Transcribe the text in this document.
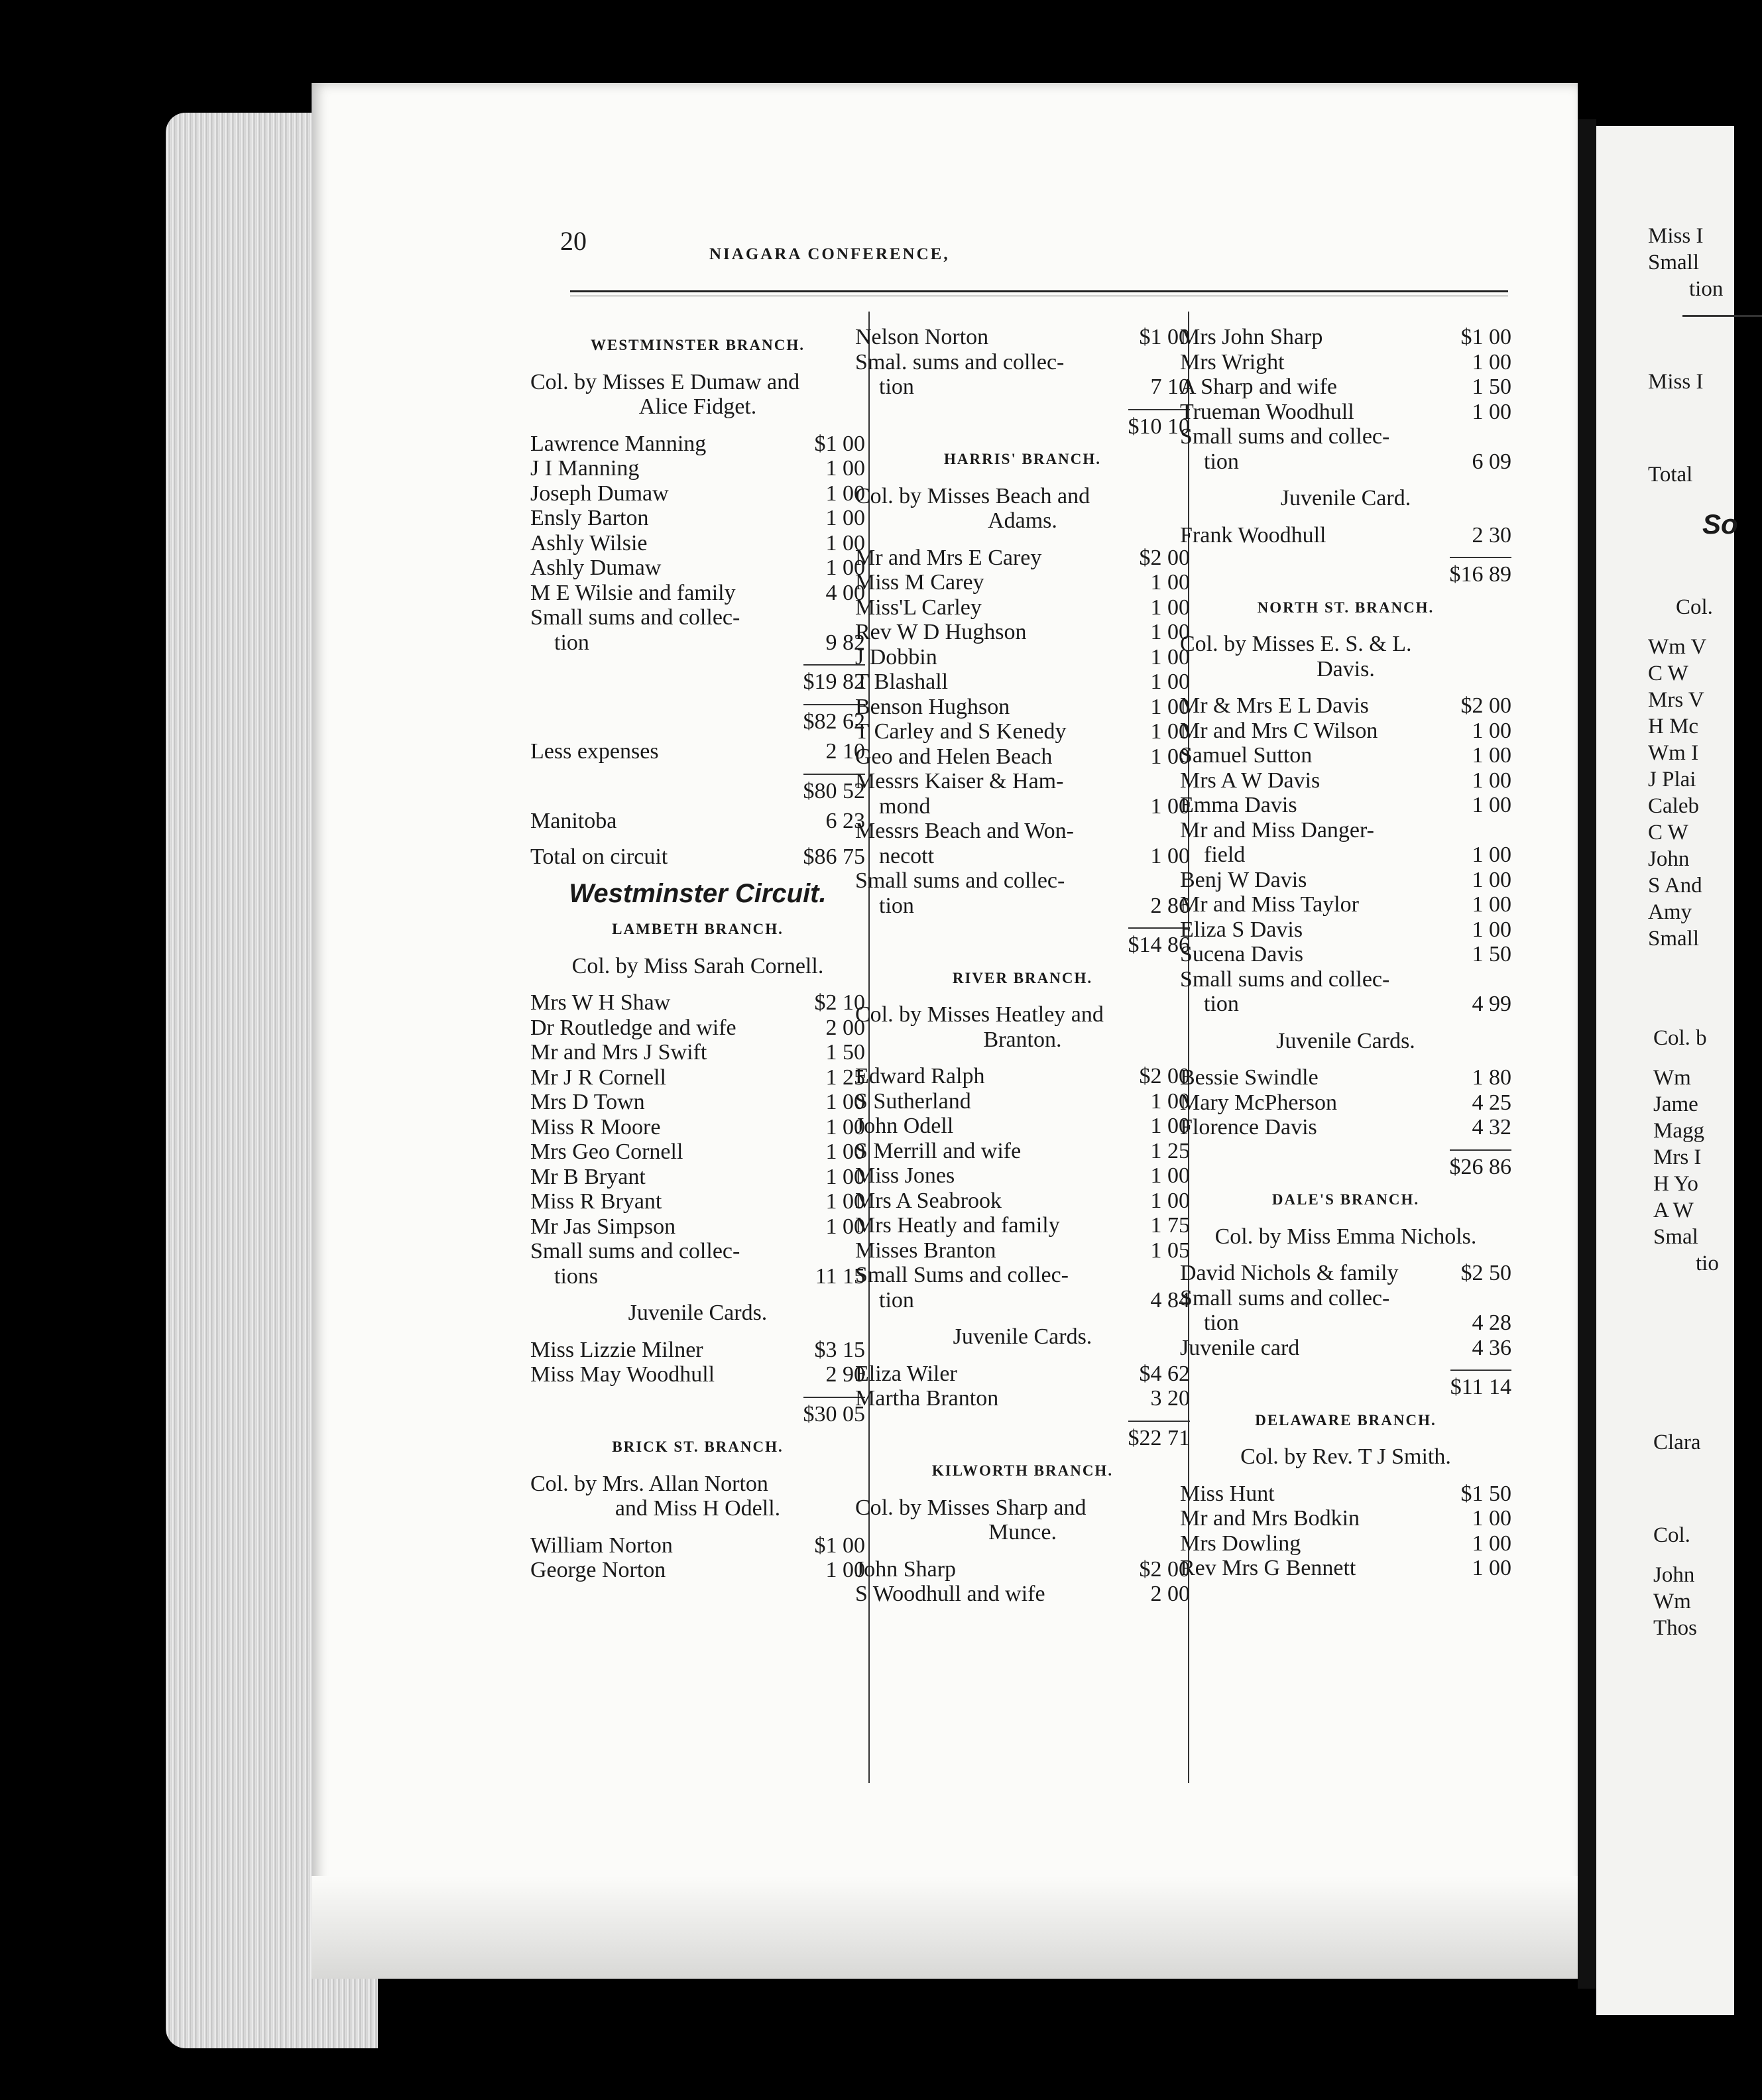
Miss I
Small
tion
Miss I
Total
So
Col.
Wm V
C W
Mrs V
H Mc
Wm I
J Plai
Caleb
C W
John
S And
Amy
Small
Col. b
Wm
Jame
Magg
Mrs I
H Yo
A W
Smal
tio
Clara
Col.
John
Wm
Thos
20	NIAGARA CONFERENCE,
WESTMINSTER BRANCH.
Col. by Misses E Dumaw and
Alice Fidget.
Lawrence Manning	$1 00
J I Manning	1 00
Joseph Dumaw	1 00
Ensly Barton	1 00
Ashly Wilsie	1 00
Ashly Dumaw	1 00
M E Wilsie and family	4 00
Small sums and collec-
tion	9 82
$19 82
$82 62
Less expenses	2 10
$80 52
Manitoba	6 23
Total on circuit	$86 75
Westminster Circuit.
LAMBETH BRANCH.
Col. by Miss Sarah Cornell.
Mrs W H Shaw	$2 10
Dr Routledge and wife	2 00
Mr and Mrs J Swift	1 50
Mr J R Cornell	1 25
Mrs D Town	1 00
Miss R Moore	1 00
Mrs Geo Cornell	1 00
Mr B Bryant	1 00
Miss R Bryant	1 00
Mr Jas Simpson	1 00
Small sums and collec-
tions	11 15
Juvenile Cards.
Miss Lizzie Milner	$3 15
Miss May Woodhull	2 90
$30 05
BRICK ST. BRANCH.
Col. by Mrs. Allan Norton
and Miss H Odell.
William Norton	$1 00
George Norton	1 00
Nelson Norton	$1 00
Smal. sums and collec-
tion	7 10
$10 10
HARRIS' BRANCH.
Col. by Misses Beach and
Adams.
Mr and Mrs E Carey	$2 00
Miss M Carey	1 00
Miss'L Carley	1 00
Rev W D Hughson	1 00
J Dobbin	1 00
T Blashall	1 00
Benson Hughson	1 00
T Carley and S Kenedy	1 00
Geo and Helen Beach	1 00
Messrs Kaiser & Ham-
mond	1 00
Messrs Beach and Won-
necott	1 00
Small sums and collec-
tion	2 86
$14 86
RIVER BRANCH.
Col. by Misses Heatley and
Branton.
Edward Ralph	$2 00
S Sutherland	1 00
John Odell	1 00
S Merrill and wife	1 25
Miss Jones	1 00
Mrs A Seabrook	1 00
Mrs Heatly and family	1 75
Misses Branton	1 05
Small Sums and collec-
tion	4 84
Juvenile Cards.
Eliza Wiler	$4 62
Martha Branton	3 20
$22 71
KILWORTH BRANCH.
Col. by Misses Sharp and
Munce.
John Sharp	$2 00
S Woodhull and wife	2 00
Mrs John Sharp	$1 00
Mrs Wright	1 00
A Sharp and wife	1 50
Trueman Woodhull	1 00
Small sums and collec-
tion	6 09
Juvenile Card.
Frank Woodhull	2 30
$16 89
NORTH ST. BRANCH.
Col. by Misses E. S. & L.
Davis.
Mr & Mrs E L Davis	$2 00
Mr and Mrs C Wilson	1 00
Samuel Sutton	1 00
Mrs A W Davis	1 00
Emma Davis	1 00
Mr and Miss Danger-
field	1 00
Benj W Davis	1 00
Mr and Miss Taylor	1 00
Eliza S Davis	1 00
Sucena Davis	1 50
Small sums and collec-
tion	4 99
Juvenile Cards.
Bessie Swindle	1 80
Mary McPherson	4 25
Florence Davis	4 32
$26 86
DALE'S BRANCH.
Col. by Miss Emma Nichols.
David Nichols & family	$2 50
Small sums and collec-
tion	4 28
Juvenile card	4 36
$11 14
DELAWARE BRANCH.
Col. by Rev. T J Smith.
Miss Hunt	$1 50
Mr and Mrs Bodkin	1 00
Mrs Dowling	1 00
Rev Mrs G Bennett	1 00
